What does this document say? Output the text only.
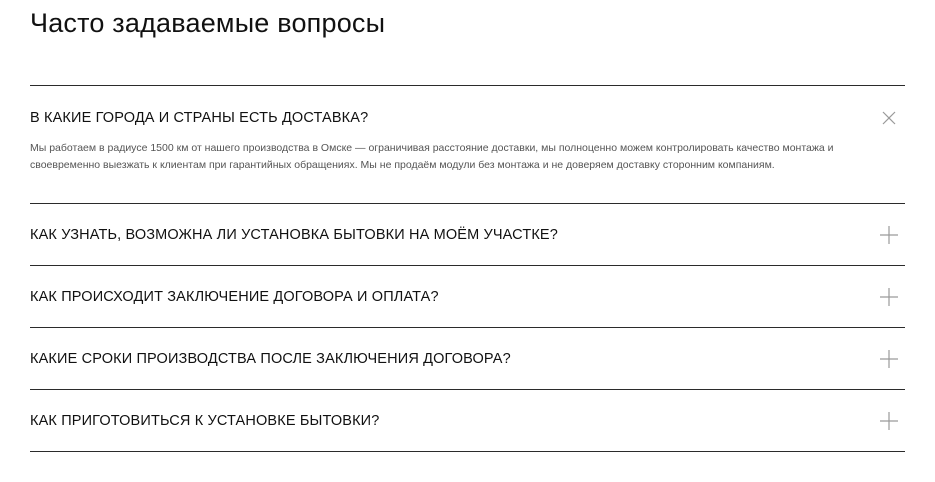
Часто задаваемые вопросы
В КАКИЕ ГОРОДА И СТРАНЫ ЕСТЬ ДОСТАВКА?
Мы работаем в радиусе 1500 км от нашего производства в Омске — ограничивая расстояние доставки, мы полноценно можем контролировать качество монтажа и своевременно выезжать к клиентам при гарантийных обращениях. Мы не продаём модули без монтажа и не доверяем доставку сторонним компаниям.
КАК УЗНАТЬ, ВОЗМОЖНА ЛИ УСТАНОВКА БЫТОВКИ НА МОЁМ УЧАСТКЕ?
КАК ПРОИСХОДИТ ЗАКЛЮЧЕНИЕ ДОГОВОРА И ОПЛАТА?
КАКИЕ СРОКИ ПРОИЗВОДСТВА ПОСЛЕ ЗАКЛЮЧЕНИЯ ДОГОВОРА?
КАК ПРИГОТОВИТЬСЯ К УСТАНОВКЕ БЫТОВКИ?
